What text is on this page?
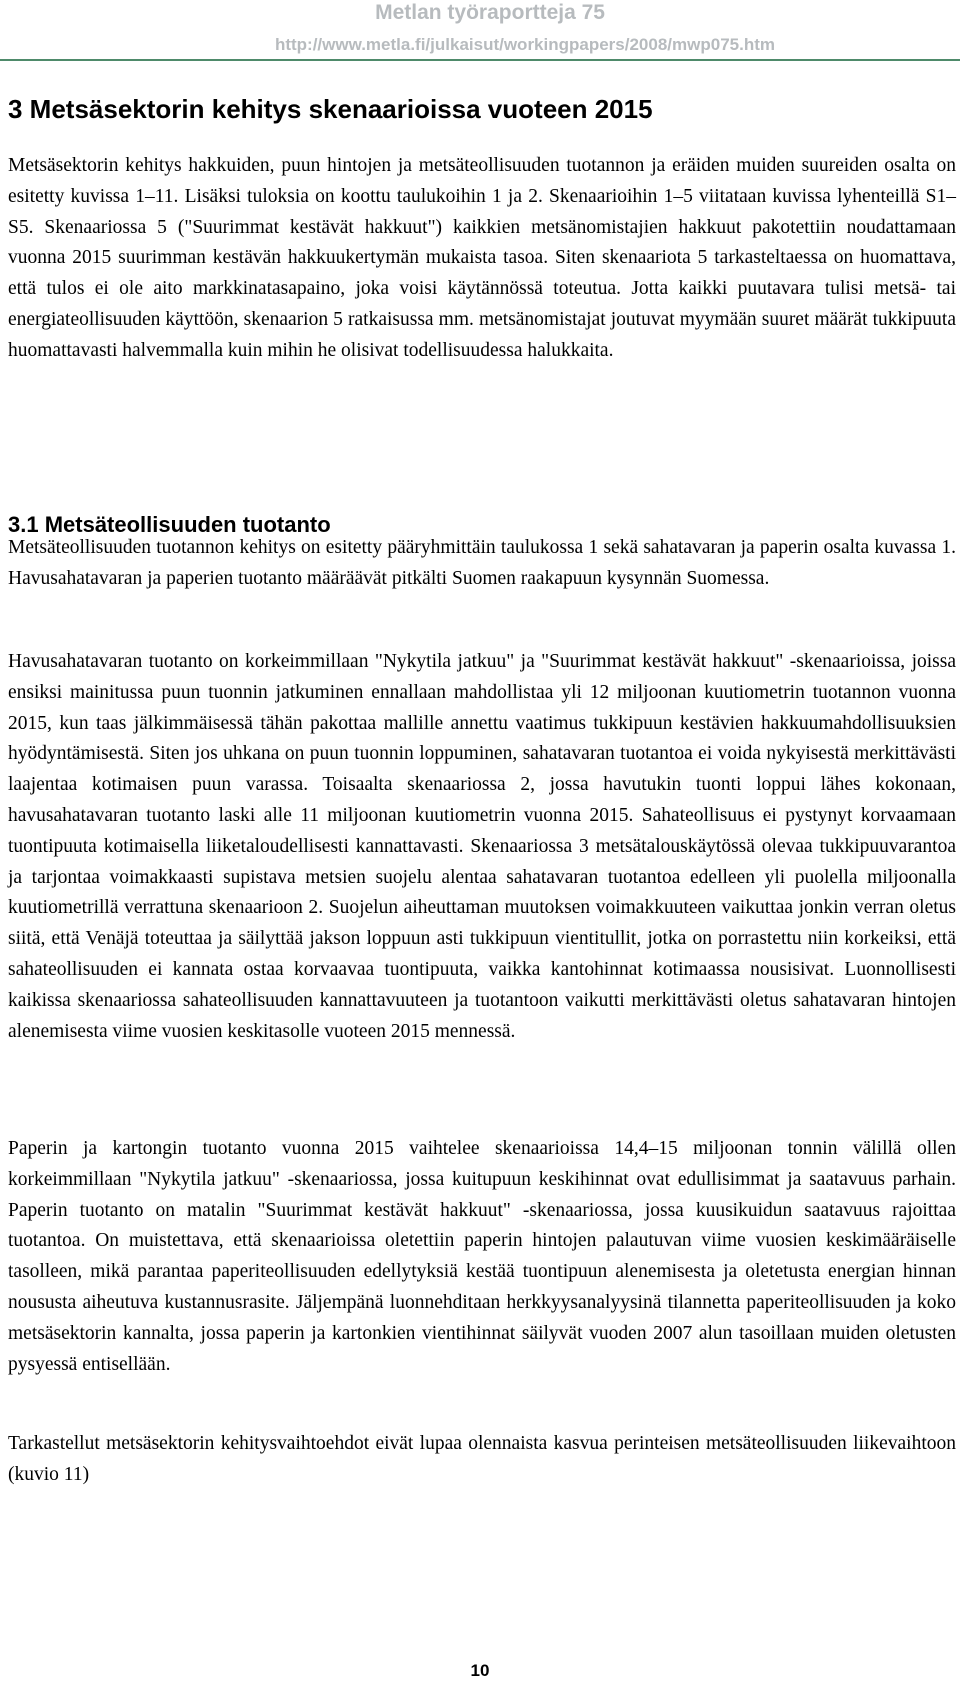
Metlan työraportteja 75
http://www.metla.fi/julkaisut/workingpapers/2008/mwp075.htm
3 Metsäsektorin kehitys skenaarioissa vuoteen 2015

Metsäsektorin kehitys hakkuiden, puun hintojen ja metsäteollisuuden tuotannon ja eräiden muiden suureiden osalta on esitetty kuvissa 1–11. Lisäksi tuloksia on koottu taulukoihin 1 ja 2. Skenaarioihin 1–5 viitataan kuvissa lyhenteillä S1–S5. Skenaariossa 5 ("Suurimmat kestävät hakkuut") kaikkien metsänomistajien hakkuut pakotettiin noudattamaan vuonna 2015 suurimman kestävän hakkuukertymän mukaista tasoa. Siten skenaariota 5 tarkasteltaessa on huomattava, että tulos ei ole aito markkinatasapaino, joka voisi käytännössä toteutua. Jotta kaikki puutavara tulisi metsä- tai energiateollisuuden käyttöön, skenaarion 5 ratkaisussa mm. metsänomistajat joutuvat myymään suuret määrät tukkipuuta huomattavasti halvemmalla kuin mihin he olisivat todellisuudessa halukkaita.

3.1 Metsäteollisuuden tuotanto

Metsäteollisuuden tuotannon kehitys on esitetty pääryhmittäin taulukossa 1 sekä sahatavaran ja paperin osalta kuvassa 1. Havusahatavaran ja paperien tuotanto määräävät pitkälti Suomen raakapuun kysynnän Suomessa.

Havusahatavaran tuotanto on korkeimmillaan "Nykytila jatkuu" ja "Suurimmat kestävät hakkuut" -skenaarioissa, joissa ensiksi mainitussa puun tuonnin jatkuminen ennallaan mahdollistaa yli 12 miljoonan kuutiometrin tuotannon vuonna 2015, kun taas jälkimmäisessä tähän pakottaa mallille annettu vaatimus tukkipuun kestävien hakkuumahdollisuuksien hyödyntämisestä. Siten jos uhkana on puun tuonnin loppuminen, sahatavaran tuotantoa ei voida nykyisestä merkittävästi laajentaa kotimaisen puun varassa. Toisaalta skenaariossa 2, jossa havutukin tuonti loppui lähes kokonaan, havusahatavaran tuotanto laski alle 11 miljoonan kuutiometrin vuonna 2015. Sahateollisuus ei pystynyt korvaamaan tuontipuuta kotimaisella liiketaloudellisesti kannattavasti. Skenaariossa 3 metsätalouskäytössä olevaa tukkipuuvarantoa ja tarjontaa voimakkaasti supistava metsien suojelu alentaa sahatavaran tuotantoa edelleen yli puolella miljoonalla kuutiometrillä verrattuna skenaarioon 2. Suojelun aiheuttaman muutoksen voimakkuuteen vaikuttaa jonkin verran oletus siitä, että Venäjä toteuttaa ja säilyttää jakson loppuun asti tukkipuun vientitullit, jotka on porrastettu niin korkeiksi, että sahateollisuuden ei kannata ostaa korvaavaa tuontipuuta, vaikka kantohinnat kotimaassa nousisivat. Luonnollisesti kaikissa skenaariossa sahateollisuuden kannattavuuteen ja tuotantoon vaikutti merkittävästi oletus sahatavaran hintojen alenemisesta viime vuosien keskitasolle vuoteen 2015 mennessä.

Paperin ja kartongin tuotanto vuonna 2015 vaihtelee skenaarioissa 14,4–15 miljoonan tonnin välillä ollen korkeimmillaan "Nykytila jatkuu" -skenaariossa, jossa kuitupuun keskihinnat ovat edullisimmat ja saatavuus parhain. Paperin tuotanto on matalin "Suurimmat kestävät hakkuut" -skenaariossa, jossa kuusikuidun saatavuus rajoittaa tuotantoa. On muistettava, että skenaarioissa oletettiin paperin hintojen palautuvan viime vuosien keskimääräiselle tasolleen, mikä parantaa paperiteollisuuden edellytyksiä kestää tuontipuun alenemisesta ja oletetusta energian hinnan noususta aiheutuva kustannusrasite. Jäljempänä luonnehditaan herkkyysanalyysinä tilannetta paperiteollisuuden ja koko metsäsektorin kannalta, jossa paperin ja kartonkien vientihinnat säilyvät vuoden 2007 alun tasoillaan muiden oletusten pysyessä entisellään.

Tarkastellut metsäsektorin kehitysvaihtoehdot eivät lupaa olennaista kasvua perinteisen metsäteollisuuden liikevaihtoon (kuvio 11)

10
